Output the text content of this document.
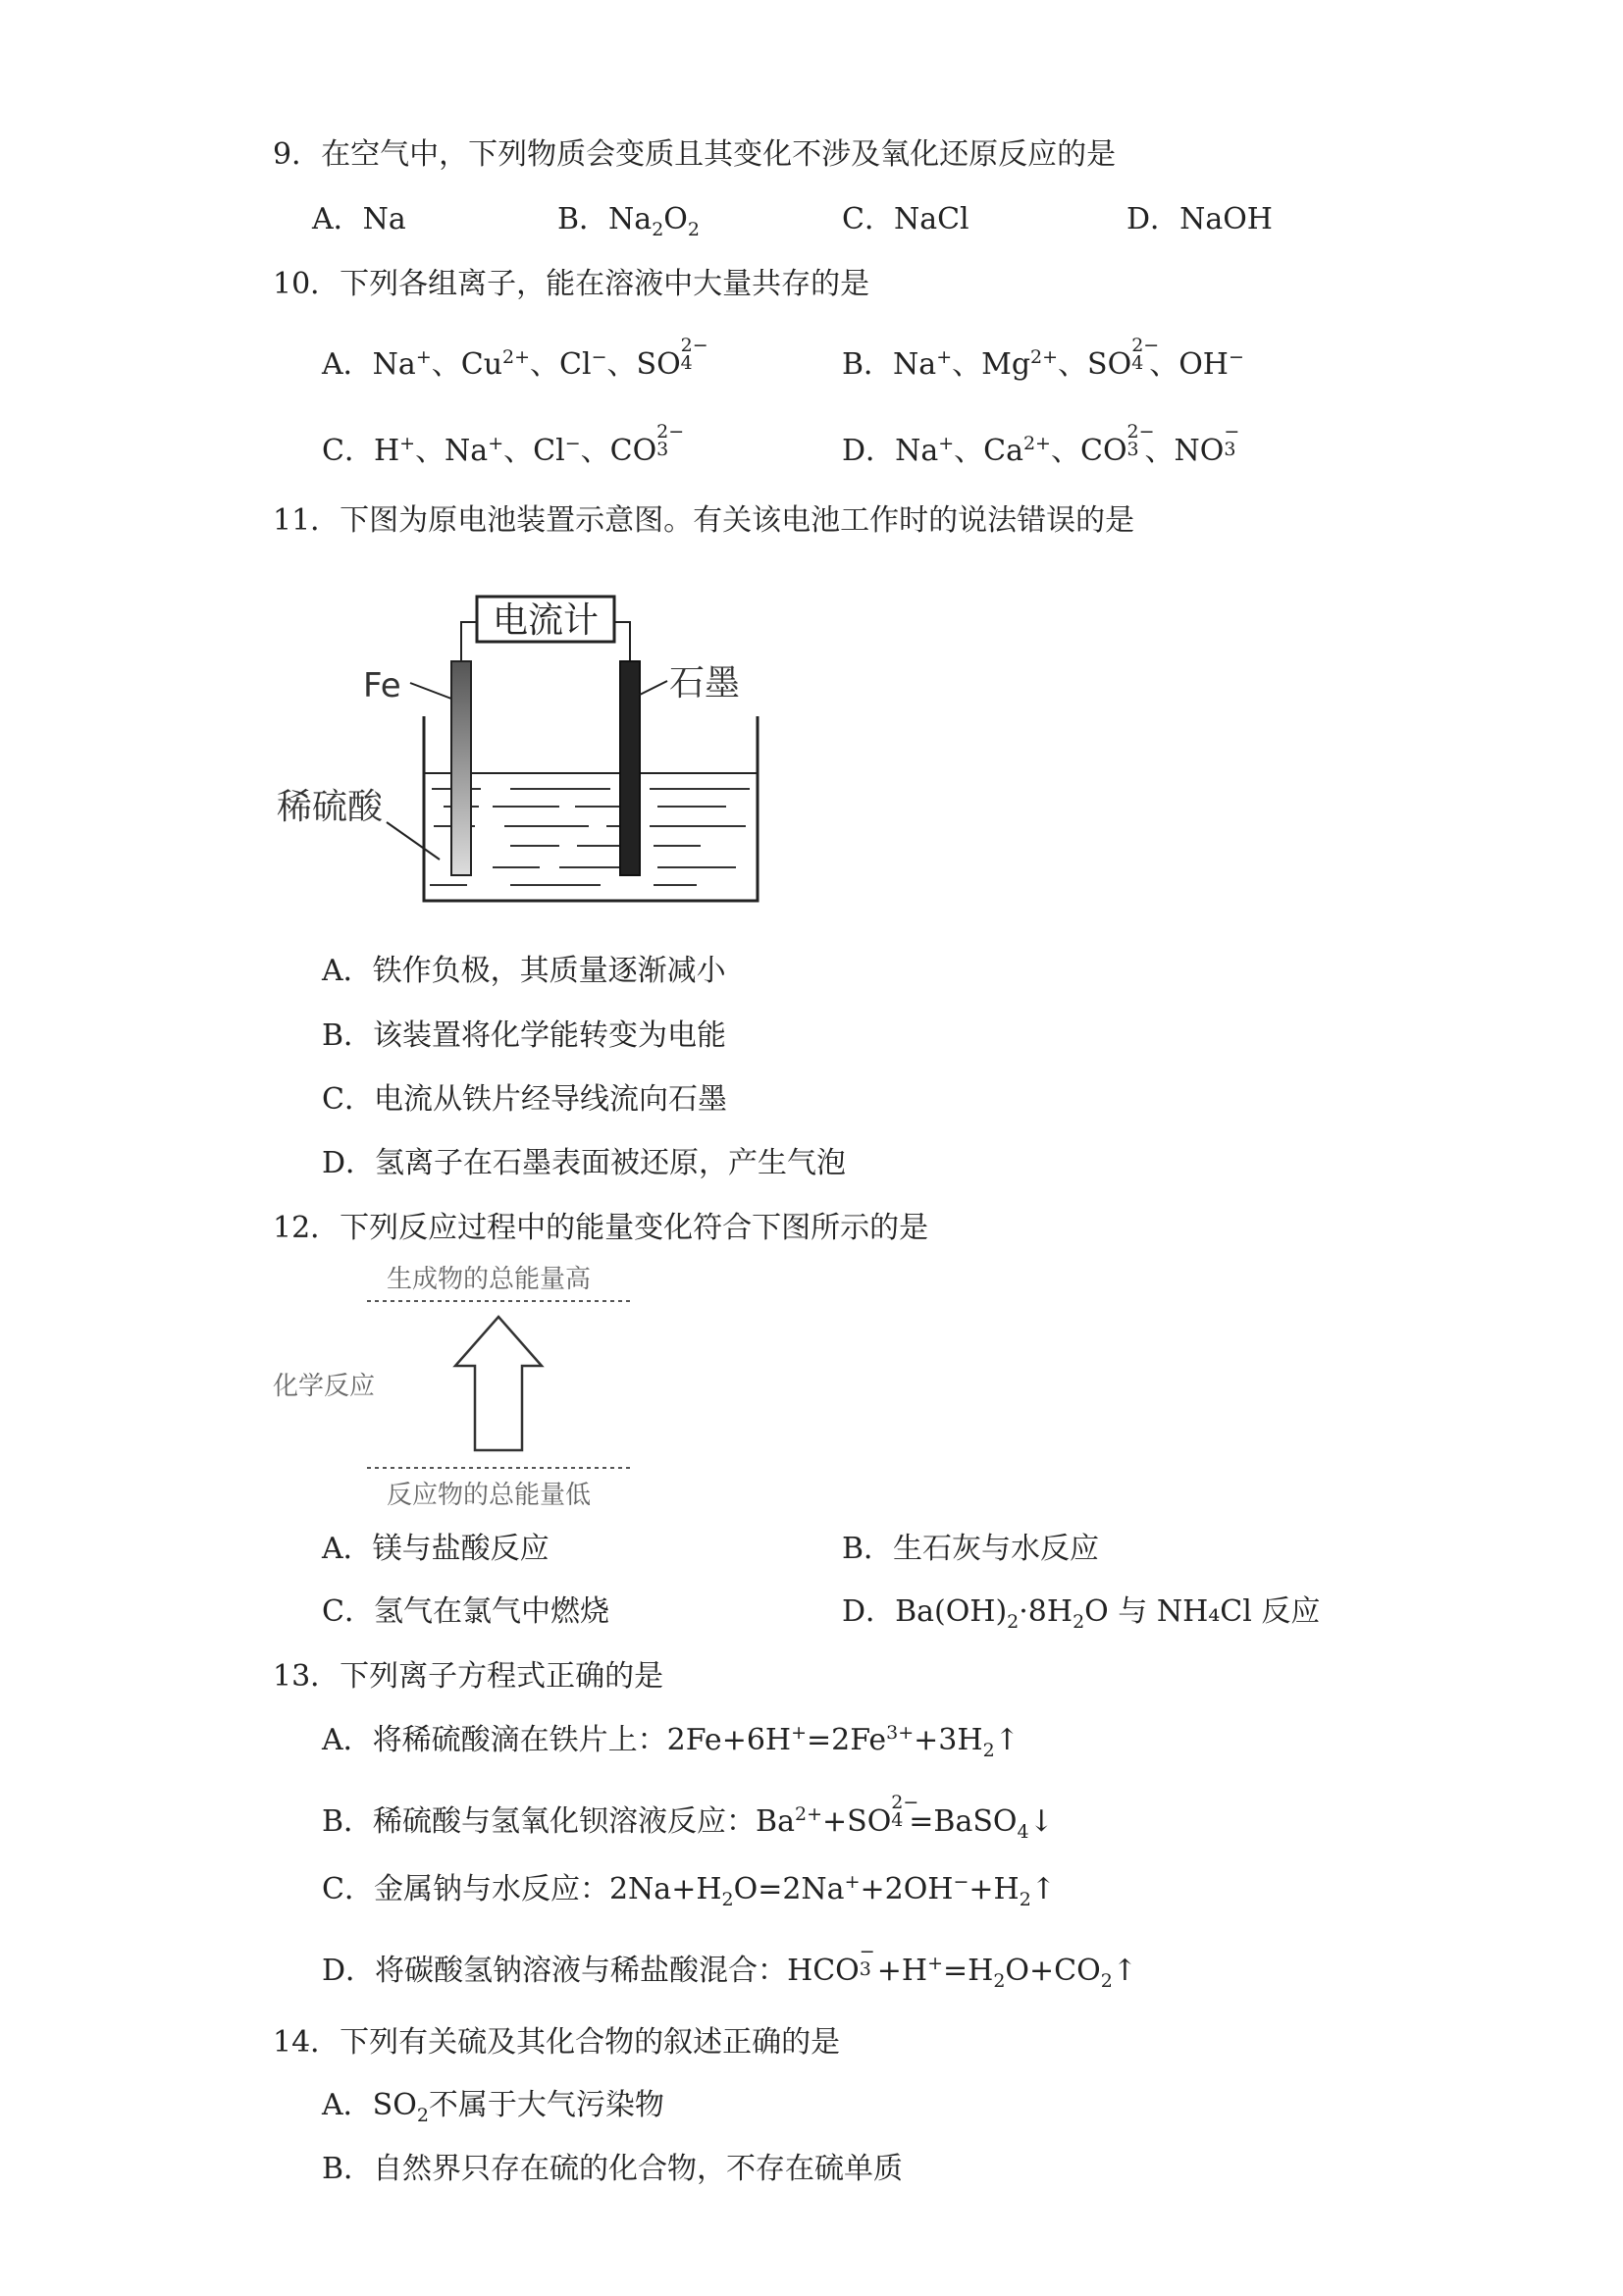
9．在空气中，下列物质会变质且其变化不涉及氧化还原反应的是
A．Na	B．$Na_2O_2$	C．NaCl	D．NaOH
10．下列各组离子，能在溶液中大量共存的是
A．Na+、$Cu^{2+}$、Cl−、SO
2−
4	B．Na+、$Mg^{2+}$、SO
2−
4 、OH−
C．H+、Na+、Cl−、CO
2−
3	D．Na+、$Ca^{2+}$、CO
2−
3 、NO
−
3
11．下图为原电池装置示意图。有关该电池工作时的说法错误的是
电流计
Fe	石墨
稀硫酸
A．铁作负极，其质量逐渐减小
B．该装置将化学能转变为电能
C．电流从铁片经导线流向石墨
D．氢离子在石墨表面被还原，产生气泡
12．下列反应过程中的能量变化符合下图所示的是
生成物的总能量高
化学反应
反应物的总能量低
A．镁与盐酸反应	B．生石灰与水反应
C．氢气在氯气中燃烧	D．$Ba(OH)_2\cdot 8H_2O$ 与 NH₄Cl 反应
13．下列离子方程式正确的是
A．将稀硫酸滴在铁片上：$2Fe+6H^+=2Fe^{3+}+3H_2↑$
B．稀硫酸与氢氧化钡溶液反应：$Ba^{2+}+SO$
2−
4 =BaSO$_4$↓
C．金属钠与水反应：$2Na+H_2O=2Na^++2OH^-+H_2↑$
D．将碳酸氢钠溶液与稀盐酸混合：HCO
−
$3 +H^+=H_2O+CO_2↑$
14．下列有关硫及其化合物的叙述正确的是
A．$SO_2$不属于大气污染物
B．自然界只存在硫的化合物，不存在硫单质
